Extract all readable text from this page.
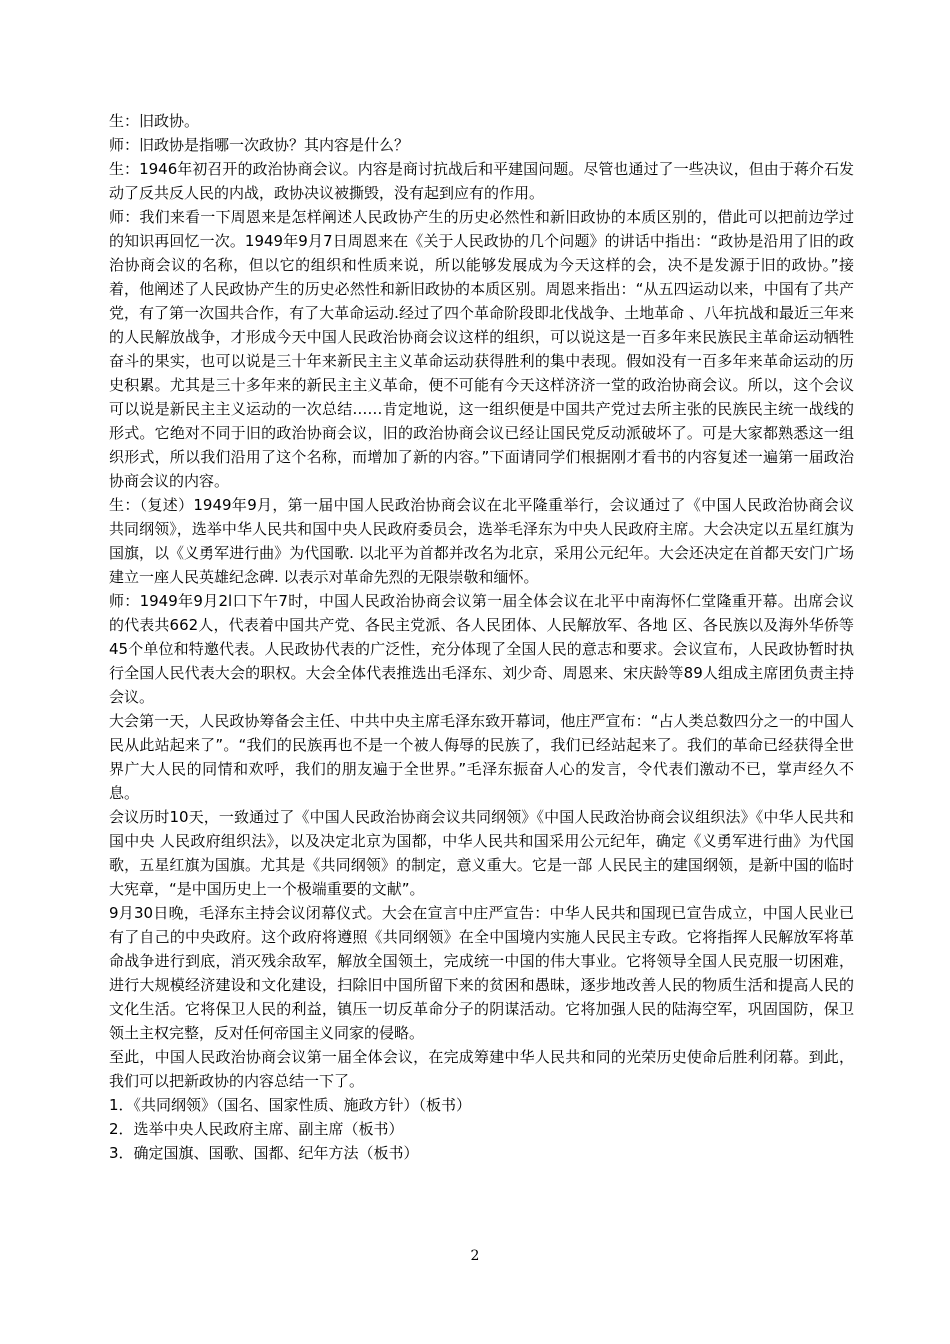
生：旧政协。

师：旧政协是指哪一次政协？其内容是什么？

生：1946年初召开的政治协商会议。内容是商讨抗战后和平建国问题。尽管也通过了一些决议，但由于蒋介石发动了反共反人民的内战，政协决议被撕毁，没有起到应有的作用。

师：我们来看一下周恩来是怎样阐述人民政协产生的历史必然性和新旧政协的本质区别的，借此可以把前边学过的知识再回忆一次。1949年9月7日周恩来在《关于人民政协的几个问题》的讲话中指出：“政协是沿用了旧的政治协商会议的名称，但以它的组织和性质来说，所以能够发展成为今天这样的会，决不是发源于旧的政协。”接着，他阐述了人民政协产生的历史必然性和新旧政协的本质区别。周恩来指出：“从五四运动以来，中国有了共产党，有了第一次国共合作，有了大革命运动.经过了四个革命阶段即北伐战争、土地革命 、八年抗战和最近三年来的人民解放战争，才形成今天中国人民政治协商会议这样的组织，可以说这是一百多年来民族民主革命运动牺牲奋斗的果实，也可以说是三十年来新民主主义革命运动获得胜利的集中表现。假如没有一百多年来革命运动的历史积累。尤其是三十多年来的新民主主义革命，便不可能有今天这样济济一堂的政治协商会议。所以，这个会议可以说是新民主主义运动的一次总结……肯定地说，这一组织便是中国共产党过去所主张的民族民主统一战线的形式。它绝对不同于旧的政治协商会议，旧的政治协商会议已经让国民党反动派破坏了。可是大家都熟悉这一组织形式，所以我们沿用了这个名称，而增加了新的内容。”下面请同学们根据刚才看书的内容复述一遍第一届政治协商会议的内容。

生：（复述）1949年9月，第一届中国人民政治协商会议在北平隆重举行，会议通过了《中国人民政治协商会议共同纲领》，选举中华人民共和国中央人民政府委员会，选举毛泽东为中央人民政府主席。大会决定以五星红旗为国旗，以《义勇军进行曲》为代国歌. 以北平为首都并改名为北京，采用公元纪年。大会还决定在首都天安门广场建立一座人民英雄纪念碑. 以表示对革命先烈的无限崇敬和缅怀。

师：1949年9月2l口下午7时，中国人民政治协商会议第一届全体会议在北平中南海怀仁堂隆重开幕。出席会议的代表共662人，代表着中国共产党、各民主党派、各人民团体、人民解放军、各地 区、各民族以及海外华侨等45个单位和特邀代表。人民政协代表的广泛性，充分体现了全国人民的意志和要求。会议宣布，人民政协暂时执行全国人民代表大会的职权。大会全体代表推选出毛泽东、刘少奇、周恩来、宋庆龄等89人组成主席团负责主持会议。

大会第一天，人民政协筹备会主任、中共中央主席毛泽东致开幕词，他庄严宣布：“占人类总数四分之一的中国人民从此站起来了”。“我们的民族再也不是一个被人侮辱的民族了，我们已经站起来了。我们的革命已经获得全世界广大人民的同情和欢呼，我们的朋友遍于全世界。”毛泽东振奋人心的发言，令代表们激动不已，掌声经久不息。

会议历时10天，一致通过了《中国人民政治协商会议共同纲领》《中国人民政治协商会议组织法》《中华人民共和国中央 人民政府组织法》，以及决定北京为国都，中华人民共和国采用公元纪年，确定《义勇军进行曲》为代国歌，五星红旗为国旗。尤其是《共同纲领》的制定，意义重大。它是一部 人民民主的建国纲领，是新中国的临时大宪章，“是中国历史上一个极端重要的文献”。

9月30日晚，毛泽东主持会议闭幕仪式。大会在宣言中庄严宣告：中华人民共和国现已宣告成立，中国人民业已有了自己的中央政府。这个政府将遵照《共同纲领》在全中国境内实施人民民主专政。它将指挥人民解放军将革命战争进行到底，消灭残余敌军，解放全国领土，完成统一中国的伟大事业。它将领导全国人民克服一切困难，进行大规模经济建设和文化建设，扫除旧中国所留下来的贫困和愚昧，逐步地改善人民的物质生活和提高人民的文化生活。它将保卫人民的利益，镇压一切反革命分子的阴谋活动。它将加强人民的陆海空军，巩固国防，保卫领土主权完整，反对任何帝国主义同家的侵略。

至此，中国人民政治协商会议第一届全体会议，在完成筹建中华人民共和同的光荣历史使命后胜利闭幕。到此，我们可以把新政协的内容总结一下了。

1．《共同纲领》（国名、国家性质、施政方针）（板书）

2．选举中央人民政府主席、副主席（板书）

3．确定国旗、国歌、国都、纪年方法（板书）

2
